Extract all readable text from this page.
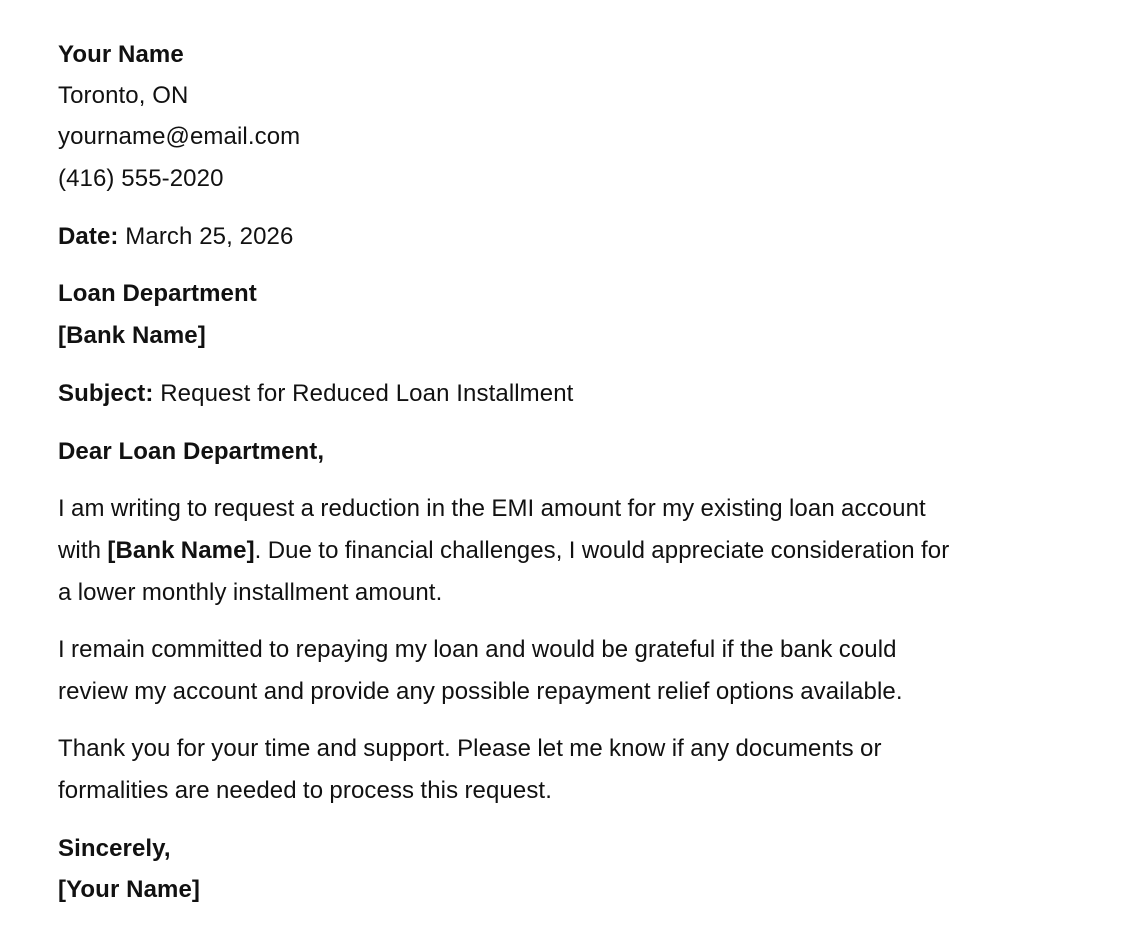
Your Name
Toronto, ON
yourname@email.com
(416) 555-2020
Date: March 25, 2026
Loan Department
[Bank Name]
Subject: Request for Reduced Loan Installment
Dear Loan Department,
I am writing to request a reduction in the EMI amount for my existing loan account
with [Bank Name]. Due to financial challenges, I would appreciate consideration for
a lower monthly installment amount.
I remain committed to repaying my loan and would be grateful if the bank could
review my account and provide any possible repayment relief options available.
Thank you for your time and support. Please let me know if any documents or
formalities are needed to process this request.
Sincerely,
[Your Name]
